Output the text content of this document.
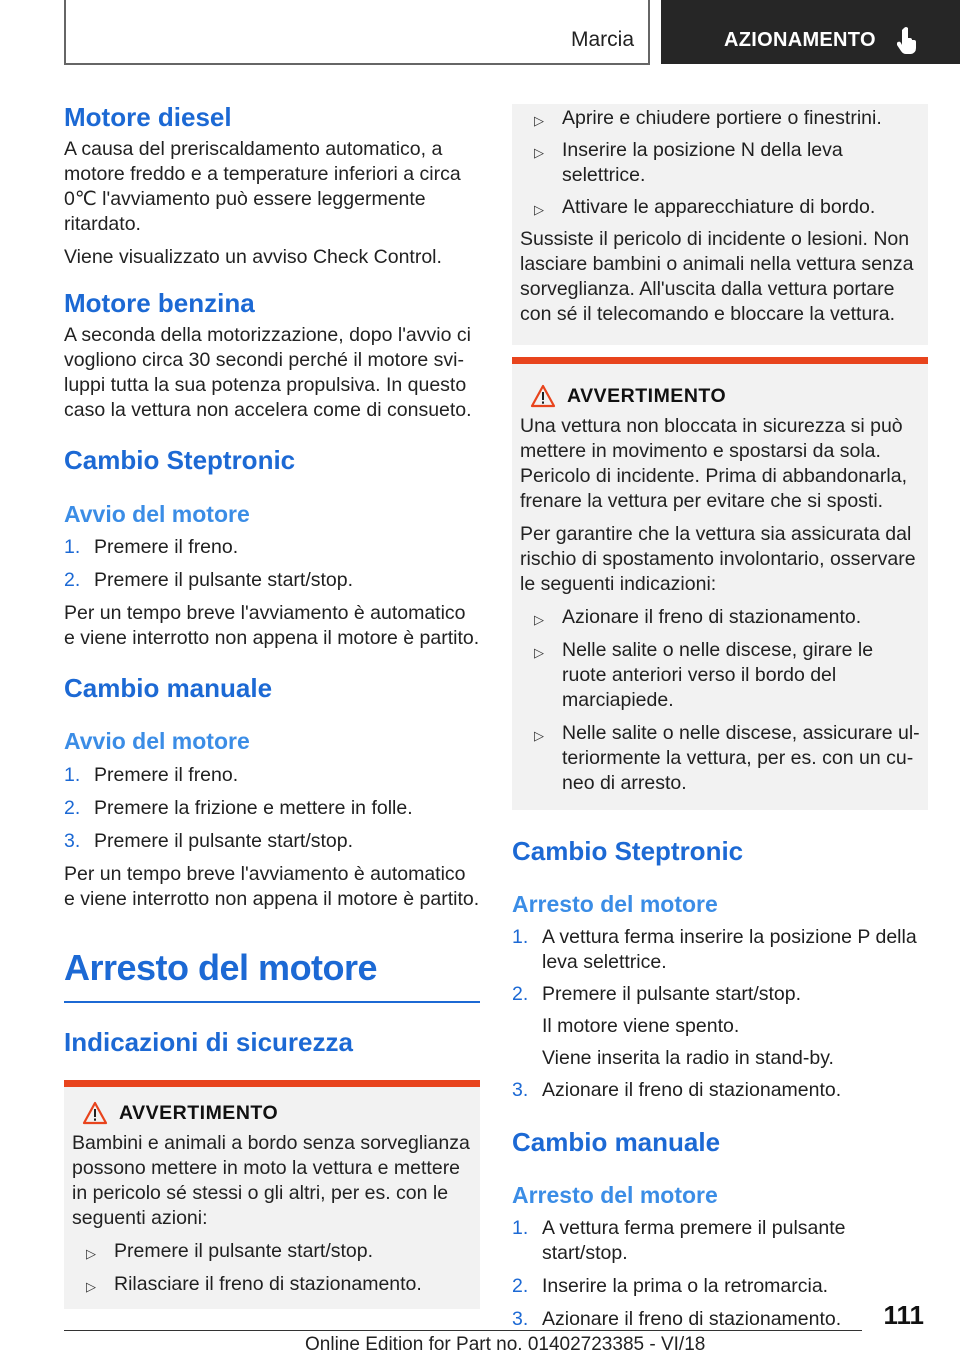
Marcia	AZIONAMENTO
Motore diesel

A causa del preriscaldamento automatico, a motore freddo e a temperature inferiori a circa 0℃ l'avviamento può essere leggermente ritardato.

Viene visualizzato un avviso Check Control.

Motore benzina

A seconda della motorizzazione, dopo l'avvio ci vogliono circa 30 secondi perché il motore sviluppi tutta la sua potenza propulsiva. In questo caso la vettura non accelera come di consueto.

Cambio Steptronic
Avvio del motore
1. Premere il freno.
2. Premere il pulsante start/stop.

Per un tempo breve l'avviamento è automatico e viene interrotto non appena il motore è partito.

Cambio manuale
Avvio del motore
1. Premere il freno.
2. Premere la frizione e mettere in folle.
3. Premere il pulsante start/stop.

Per un tempo breve l'avviamento è automatico e viene interrotto non appena il motore è partito.

Arresto del motore
Indicazioni di sicurezza
AVVERTIMENTO

Bambini e animali a bordo senza sorveglianza possono mettere in moto la vettura e mettere in pericolo sé stessi o gli altri, per es. con le seguenti azioni:

▷ Premere il pulsante start/stop.
▷ Rilasciare il freno di stazionamento.
▷ Aprire e chiudere portiere o finestrini.
▷ Inserire la posizione N della leva selettrice.
▷ Attivare le apparecchiature di bordo.

Sussiste il pericolo di incidente o lesioni. Non lasciare bambini o animali nella vettura senza sorveglianza. All'uscita dalla vettura portare con sé il telecomando e bloccare la vettura.

AVVERTIMENTO

Una vettura non bloccata in sicurezza si può mettere in movimento e spostarsi da sola. Pericolo di incidente. Prima di abbandonarla, frenare la vettura per evitare che si sposti.

Per garantire che la vettura sia assicurata dal rischio di spostamento involontario, osservare le seguenti indicazioni:

▷ Azionare il freno di stazionamento.
▷ Nelle salite o nelle discese, girare le ruote anteriori verso il bordo del marciapiede.
▷ Nelle salite o nelle discese, assicurare ulteriormente la vettura, per es. con un cuneo di arresto.
Cambio Steptronic
Arresto del motore
1. A vettura ferma inserire la posizione P della leva selettrice.
2. Premere il pulsante start/stop.
Il motore viene spento.
Viene inserita la radio in stand-by.
3. Azionare il freno di stazionamento.
Cambio manuale
Arresto del motore
1. A vettura ferma premere il pulsante start/stop.
2. Inserire la prima o la retromarcia.
3. Azionare il freno di stazionamento.	111
Online Edition for Part no. 01402723385 - VI/18
